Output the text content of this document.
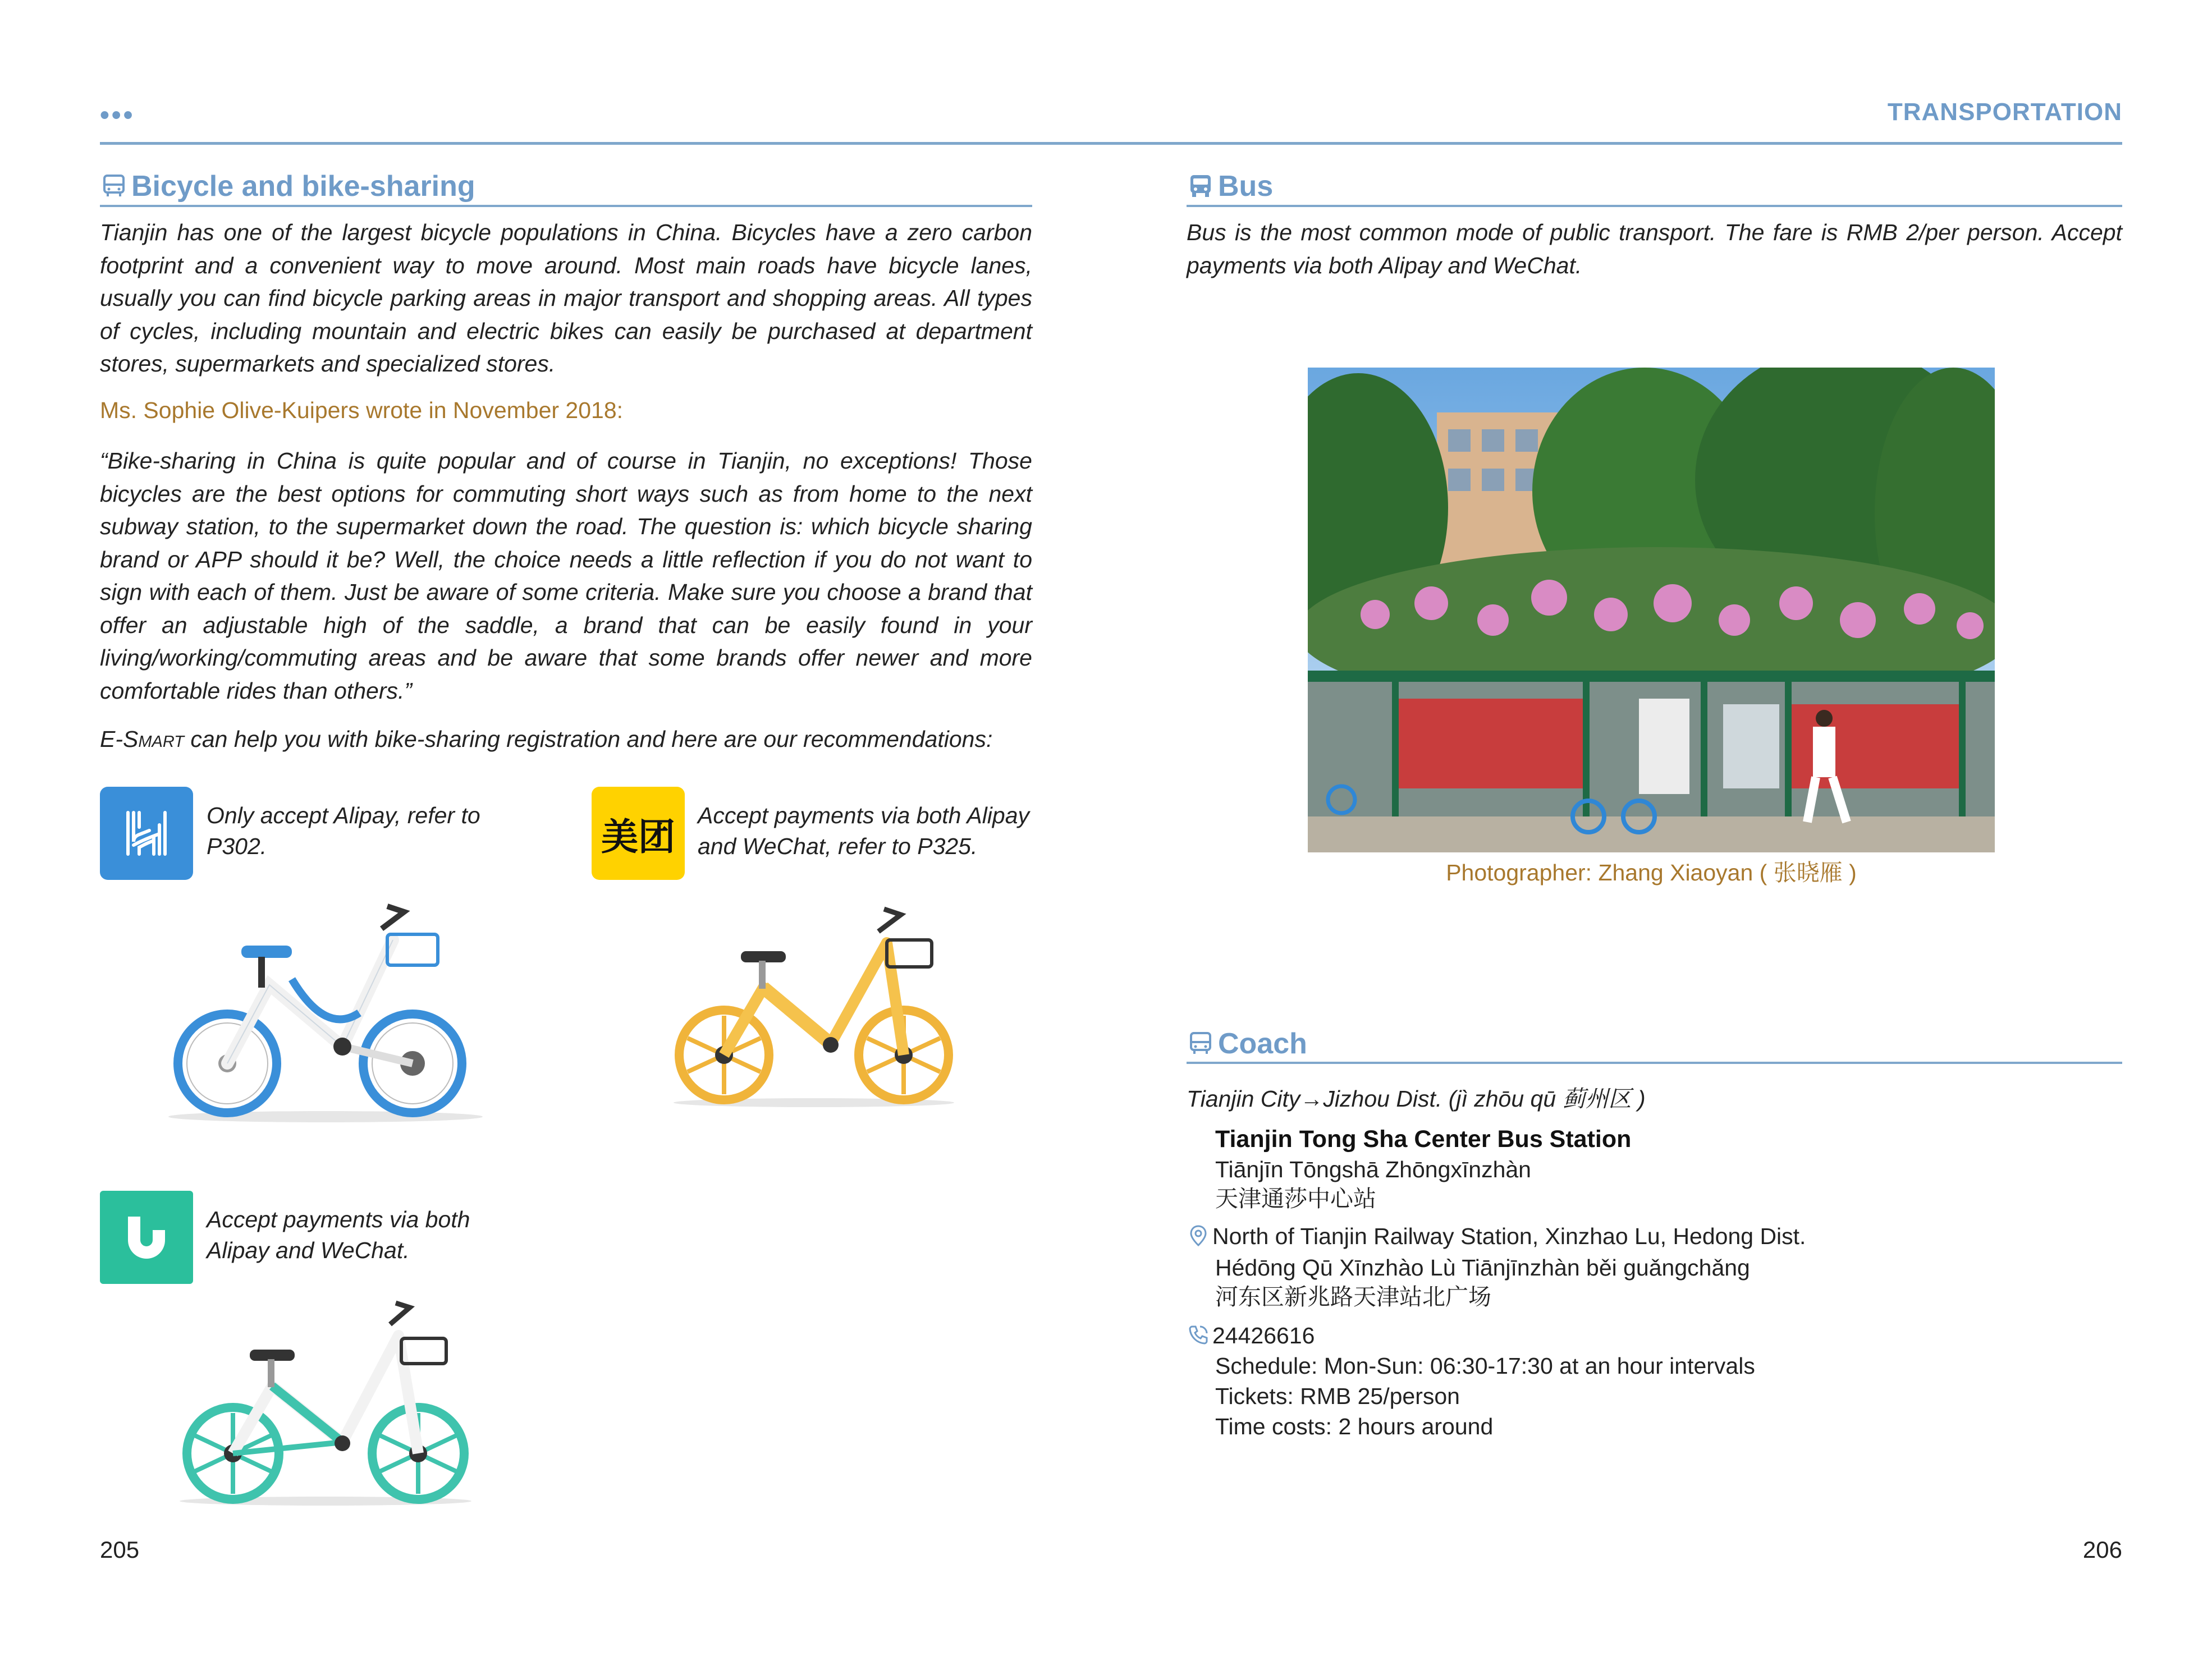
•••	TRANSPORTATION
Bicycle and bike-sharing
Tianjin has one of the largest bicycle populations in China. Bicycles have a zero carbon footprint and a convenient way to move around. Most main roads have bicycle lanes, usually you can find bicycle parking areas in major transport and shopping areas. All types of cycles, including mountain and electric bikes can easily be purchased at department stores, supermarkets and specialized stores.
Ms. Sophie Olive-Kuipers wrote in November 2018:
“Bike-sharing in China is quite popular and of course in Tianjin, no exceptions! Those bicycles are the best options for commuting short ways such as from home to the next subway station, to the supermarket down the road. The question is: which bicycle sharing brand or APP should it be? Well, the choice needs a little reflection if you do not want to sign with each of them. Just be aware of some criteria. Make sure you choose a brand that offer an adjustable high of the saddle, a brand that can be easily found in your living/working/commuting areas and be aware that some brands offer newer and more comfortable rides than others.”
E-Smart can help you with bike-sharing registration and here are our recommendations:
Only accept Alipay, refer to P302.	美团 Accept payments via both Alipay and WeChat, refer to P325.
Accept payments via both Alipay and WeChat.
205
Bus
Bus is the most common mode of public transport. The fare is RMB 2/per person. Accept payments via both Alipay and WeChat.
Photographer: Zhang Xiaoyan ( 张晓雁 )
Coach
Tianjin City→Jizhou Dist. (jì zhōu qū 蓟州区 )
Tianjin Tong Sha Center Bus Station
Tiānjīn Tōngshā Zhōngxīnzhàn
天津通莎中心站
North of Tianjin Railway Station, Xinzhao Lu, Hedong Dist.
Hédōng Qū Xīnzhào Lù Tiānjīnzhàn běi guǎngchǎng
河东区新兆路天津站北广场
24426616
Schedule: Mon-Sun: 06:30-17:30 at an hour intervals
Tickets: RMB 25/person
Time costs: 2 hours around
206
